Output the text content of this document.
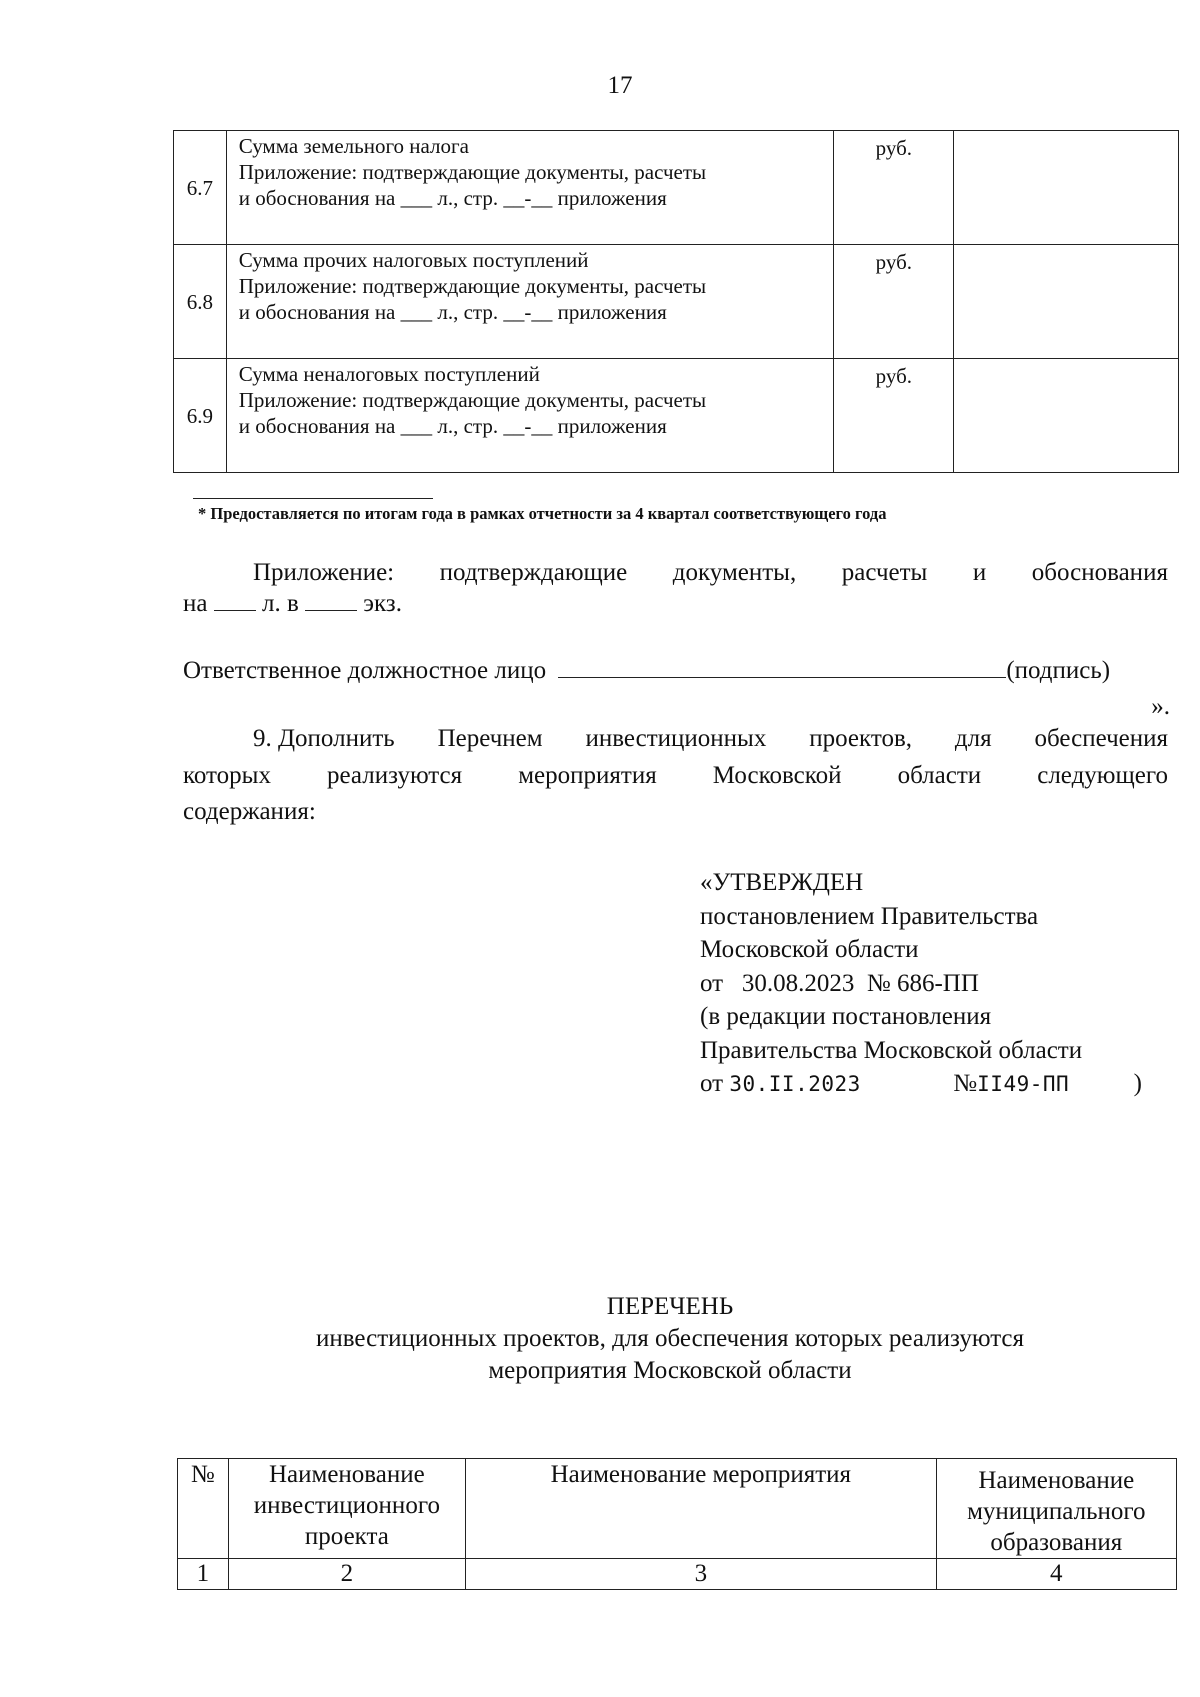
17
6.7	Сумма земельного налога
Приложение: подтверждающие документы, расчеты
и обоснования на ___ л., стр. __-__ приложения	руб.	
6.8	Сумма прочих налоговых поступлений
Приложение: подтверждающие документы, расчеты
и обоснования на ___ л., стр. __-__ приложения	руб.	
6.9	Сумма неналоговых поступлений
Приложение: подтверждающие документы, расчеты
и обоснования на ___ л., стр. __-__ приложения	руб.	
* Предоставляется по итогам года в рамках отчетности за 4 квартал соответствующего года
Приложение: подтверждающие документы, расчеты и обоснования
на л. в	экз.
Ответственное должностное лицо	(подпись)
».
9. Дополнить Перечнем инвестиционных проектов, для обеспечения
которых реализуются мероприятия Московской области следующего
содержания:
«УТВЕРЖДЕН
постановлением Правительства
Московской области
от 30.08.2023 № 686-ПП
(в редакции постановления
Правительства Московской области
от 30.II.2023	№II49-ПП	)
ПЕРЕЧЕНЬ
инвестиционных проектов, для обеспечения которых реализуются
мероприятия Московской области
№	Наименование инвестиционного проекта	Наименование мероприятия	Наименование муниципального образования
1	2	3	4
